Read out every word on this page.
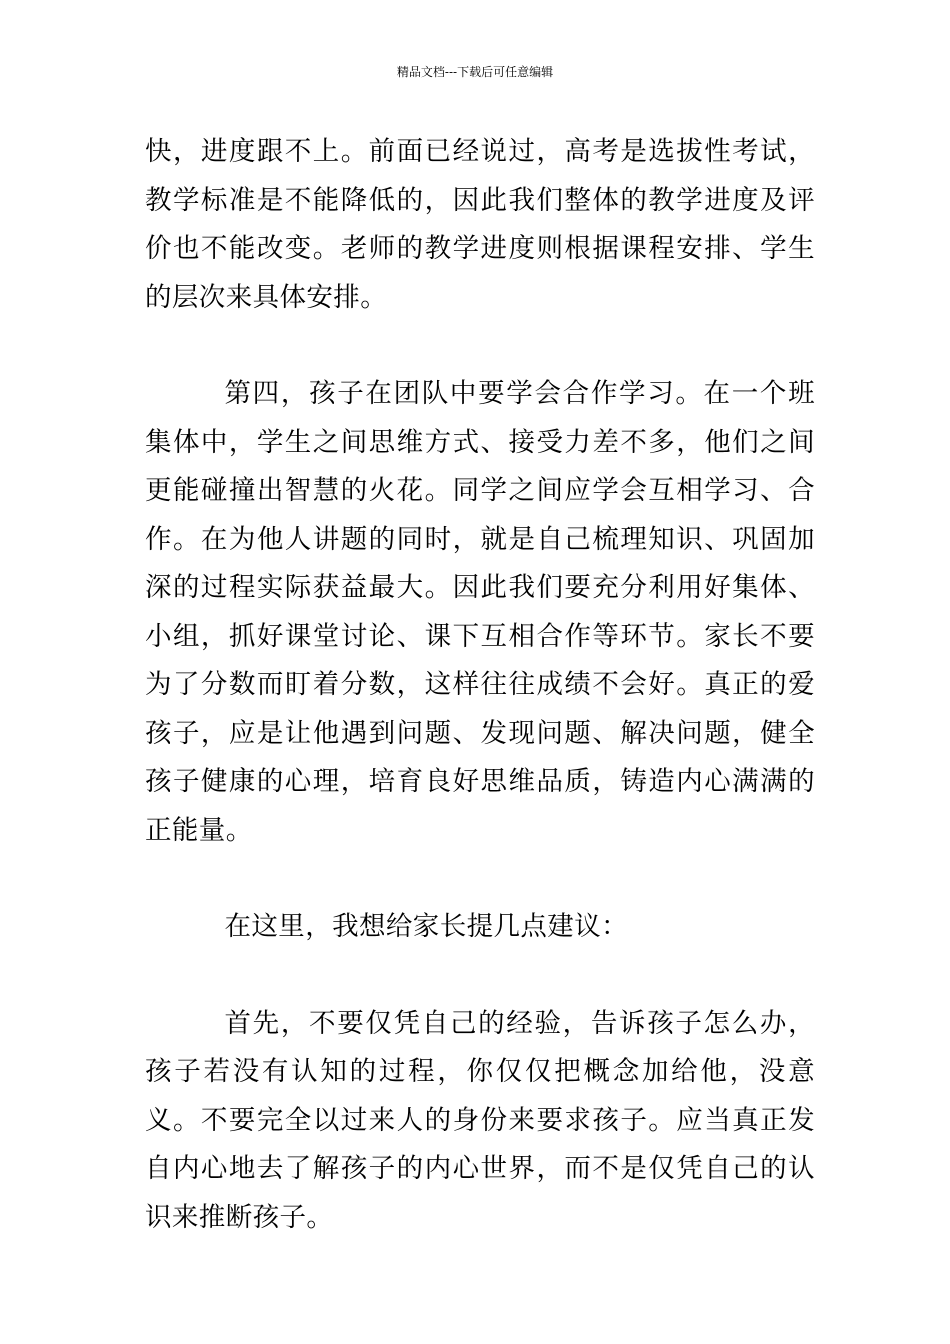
精品文档---下载后可任意编辑

快，进度跟不上。前面已经说过，高考是选拔性考试，教学标准是不能降低的，因此我们整体的教学进度及评价也不能改变。老师的教学进度则根据课程安排、学生的层次来具体安排。

第四，孩子在团队中要学会合作学习。在一个班集体中，学生之间思维方式、接受力差不多，他们之间更能碰撞出智慧的火花。同学之间应学会互相学习、合作。在为他人讲题的同时，就是自己梳理知识、巩固加深的过程实际获益最大。因此我们要充分利用好集体、小组，抓好课堂讨论、课下互相合作等环节。家长不要为了分数而盯着分数，这样往往成绩不会好。真正的爱孩子，应是让他遇到问题、发现问题、解决问题，健全孩子健康的心理，培育良好思维品质，铸造内心满满的正能量。

在这里，我想给家长提几点建议：

首先，不要仅凭自己的经验，告诉孩子怎么办，孩子若没有认知的过程，你仅仅把概念加给他，没意义。不要完全以过来人的身份来要求孩子。应当真正发自内心地去了解孩子的内心世界，而不是仅凭自己的认识来推断孩子。
